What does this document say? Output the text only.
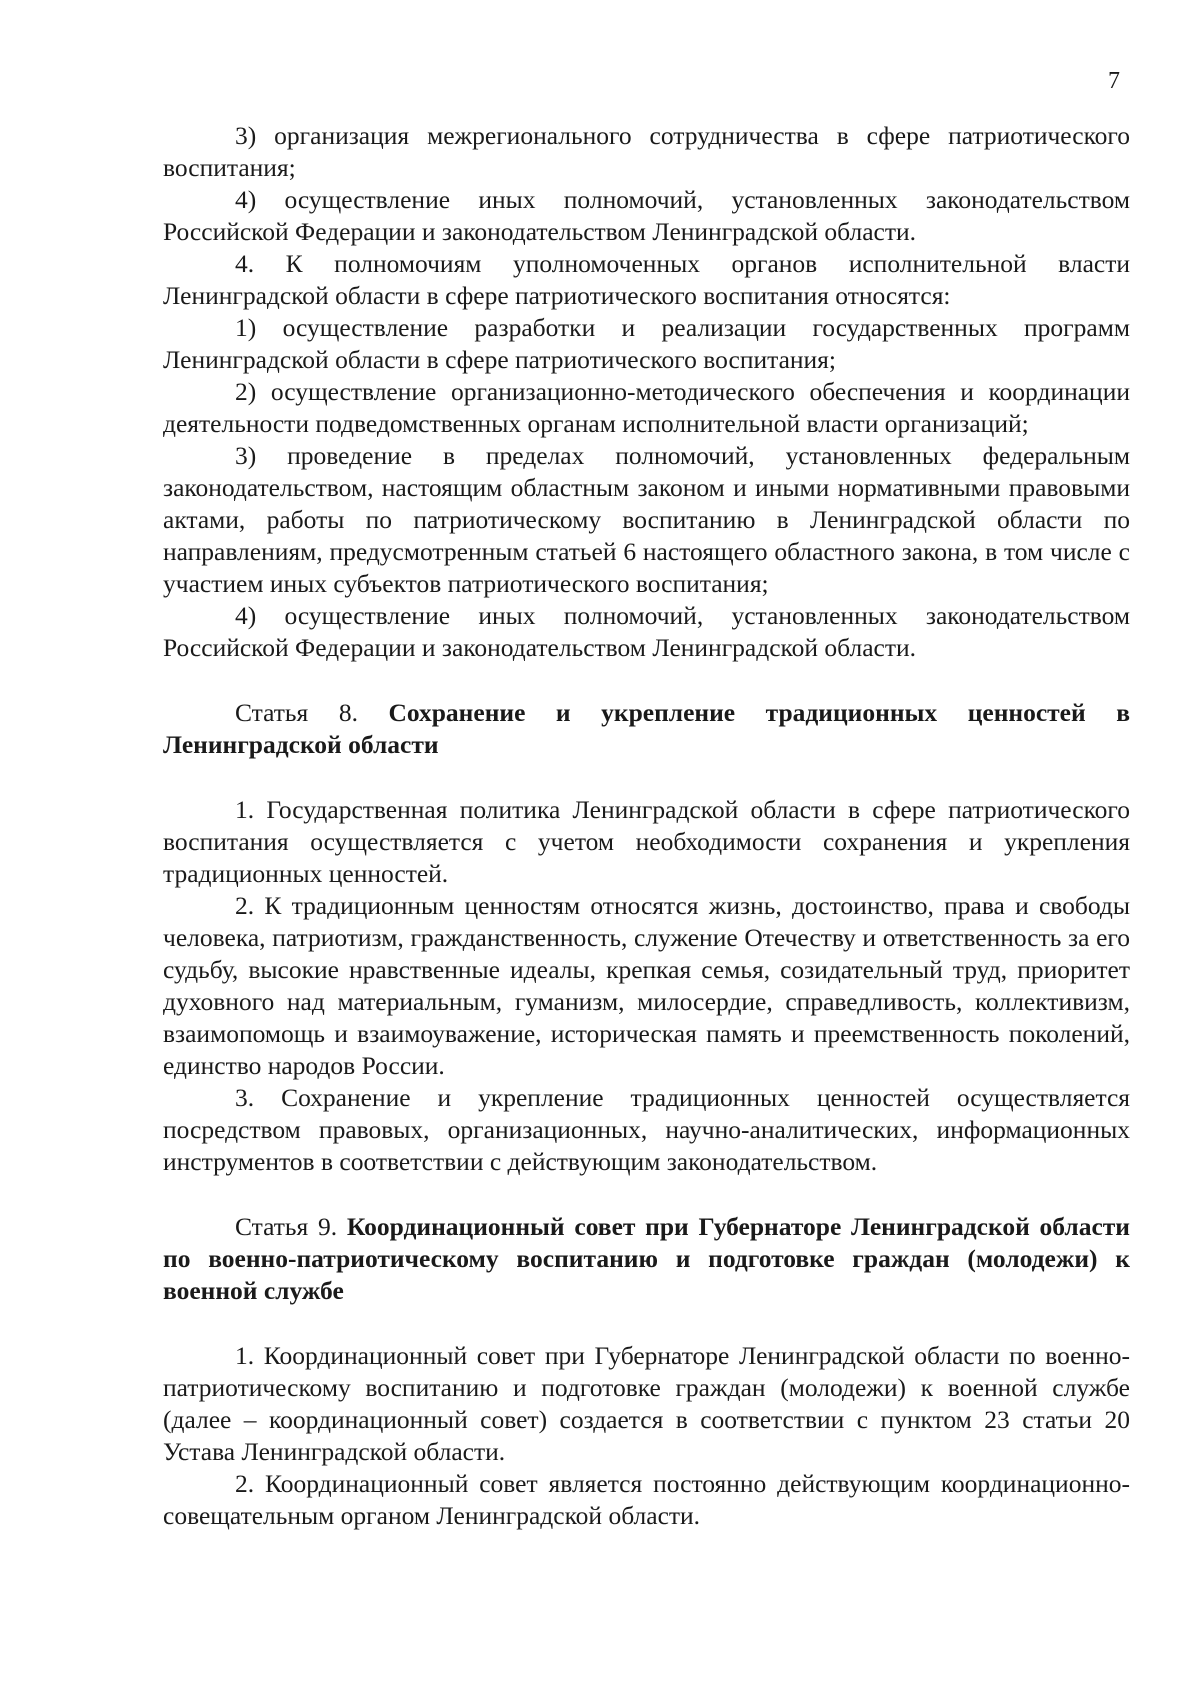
7

3) организация межрегионального сотрудничества в сфере патриотического воспитания;

4) осуществление иных полномочий, установленных законодательством Российской Федерации и законодательством Ленинградской области.

4. К полномочиям уполномоченных органов исполнительной власти Ленинградской области в сфере патриотического воспитания относятся:

1) осуществление разработки и реализации государственных программ Ленинградской области в сфере патриотического воспитания;

2) осуществление организационно-методического обеспечения и координации деятельности подведомственных органам исполнительной власти организаций;

3) проведение в пределах полномочий, установленных федеральным законодательством, настоящим областным законом и иными нормативными правовыми актами, работы по патриотическому воспитанию в Ленинградской области по направлениям, предусмотренным статьей 6 настоящего областного закона, в том числе с участием иных субъектов патриотического воспитания;

4) осуществление иных полномочий, установленных законодательством Российской Федерации и законодательством Ленинградской области.

Статья 8. Сохранение и укрепление традиционных ценностей в Ленинградской области

1. Государственная политика Ленинградской области в сфере патриотического воспитания осуществляется с учетом необходимости сохранения и укрепления традиционных ценностей.

2. К традиционным ценностям относятся жизнь, достоинство, права и свободы человека, патриотизм, гражданственность, служение Отечеству и ответственность за его судьбу, высокие нравственные идеалы, крепкая семья, созидательный труд, приоритет духовного над материальным, гуманизм, милосердие, справедливость, коллективизм, взаимопомощь и взаимоуважение, историческая память и преемственность поколений, единство народов России.

3. Сохранение и укрепление традиционных ценностей осуществляется посредством правовых, организационных, научно-аналитических, информационных инструментов в соответствии с действующим законодательством.

Статья 9. Координационный совет при Губернаторе Ленинградской области по военно-патриотическому воспитанию и подготовке граждан (молодежи) к военной службе

1. Координационный совет при Губернаторе Ленинградской области по военно-патриотическому воспитанию и подготовке граждан (молодежи) к военной службе (далее – координационный совет) создается в соответствии с пунктом 23 статьи 20 Устава Ленинградской области.

2. Координационный совет является постоянно действующим координационно-совещательным органом Ленинградской области.
